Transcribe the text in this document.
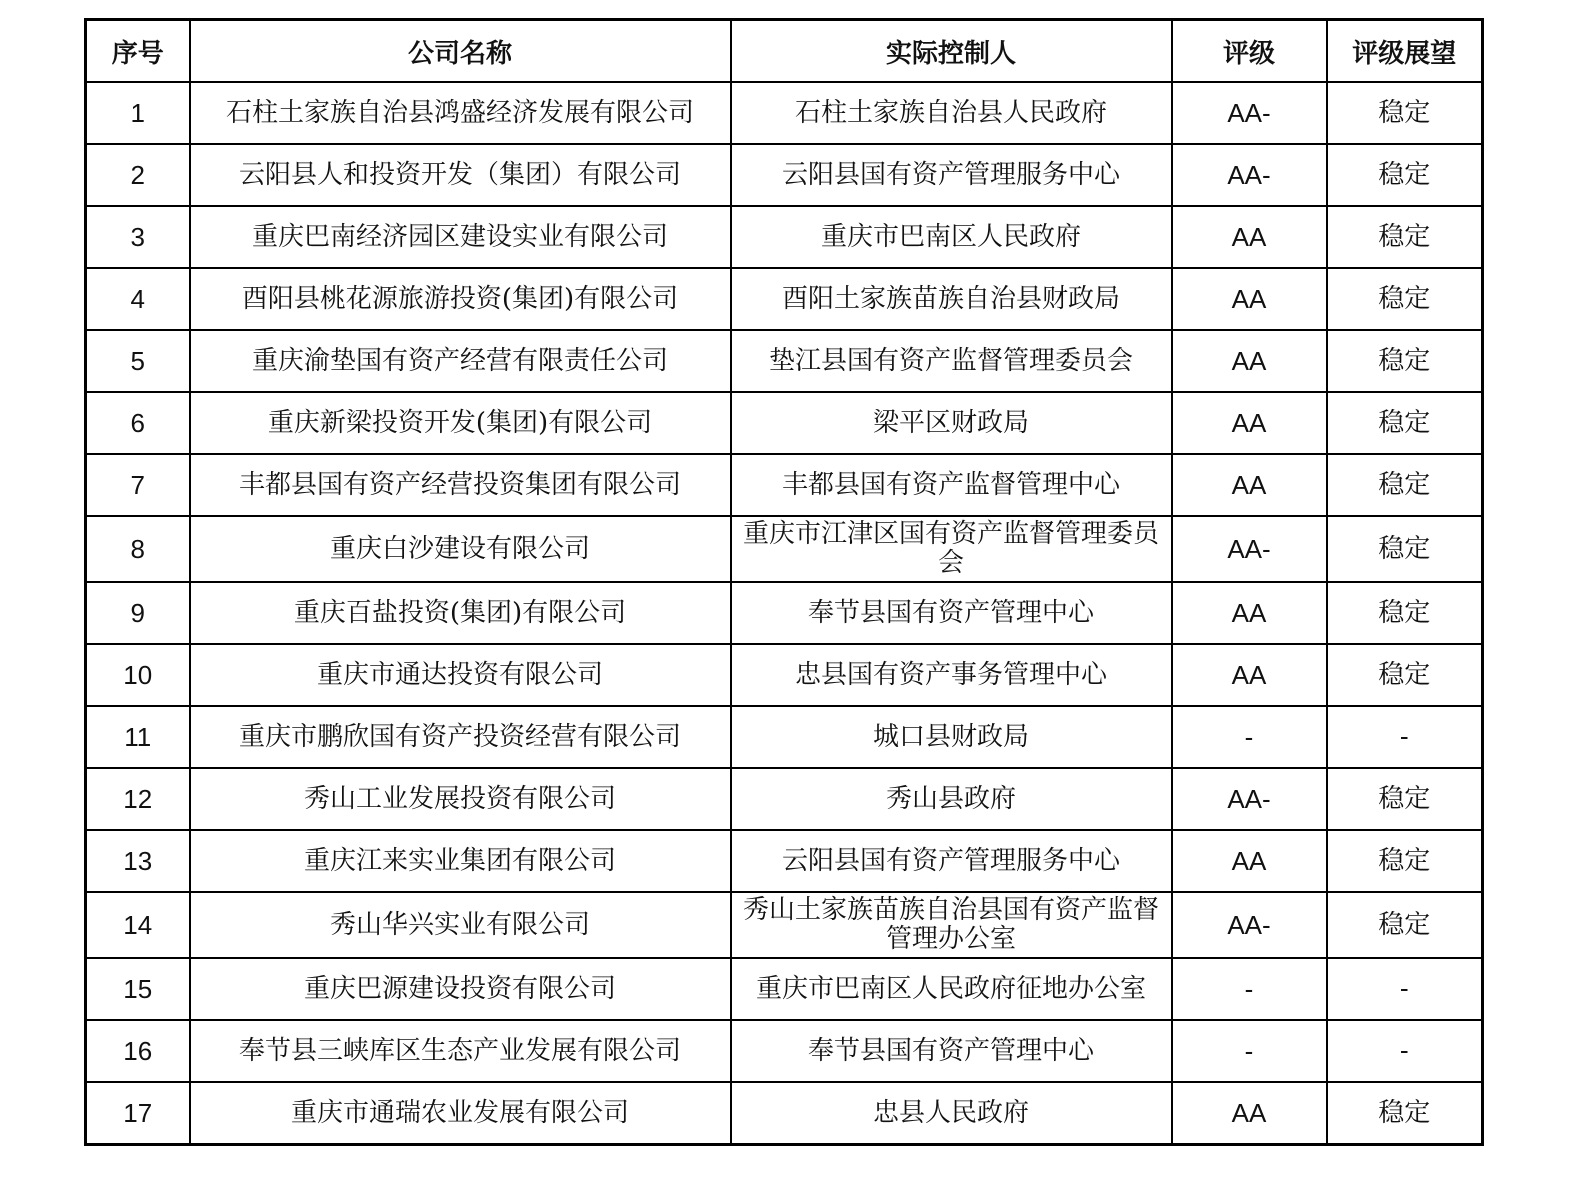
序号	公司名称	实际控制人	评级	评级展望
1	石柱土家族自治县鸿盛经济发展有限公司	石柱土家族自治县人民政府	AA-	稳定
2	云阳县人和投资开发（集团）有限公司	云阳县国有资产管理服务中心	AA-	稳定
3	重庆巴南经济园区建设实业有限公司	重庆市巴南区人民政府	AA	稳定
4	酉阳县桃花源旅游投资(集团)有限公司	酉阳土家族苗族自治县财政局	AA	稳定
5	重庆渝垫国有资产经营有限责任公司	垫江县国有资产监督管理委员会	AA	稳定
6	重庆新梁投资开发(集团)有限公司	梁平区财政局	AA	稳定
7	丰都县国有资产经营投资集团有限公司	丰都县国有资产监督管理中心	AA	稳定
8	重庆白沙建设有限公司	重庆市江津区国有资产监督管理委员会	AA-	稳定
9	重庆百盐投资(集团)有限公司	奉节县国有资产管理中心	AA	稳定
10	重庆市通达投资有限公司	忠县国有资产事务管理中心	AA	稳定
11	重庆市鹏欣国有资产投资经营有限公司	城口县财政局	-	-
12	秀山工业发展投资有限公司	秀山县政府	AA-	稳定
13	重庆江来实业集团有限公司	云阳县国有资产管理服务中心	AA	稳定
14	秀山华兴实业有限公司	秀山土家族苗族自治县国有资产监督管理办公室	AA-	稳定
15	重庆巴源建设投资有限公司	重庆市巴南区人民政府征地办公室	-	-
16	奉节县三峡库区生态产业发展有限公司	奉节县国有资产管理中心	-	-
17	重庆市通瑞农业发展有限公司	忠县人民政府	AA	稳定
